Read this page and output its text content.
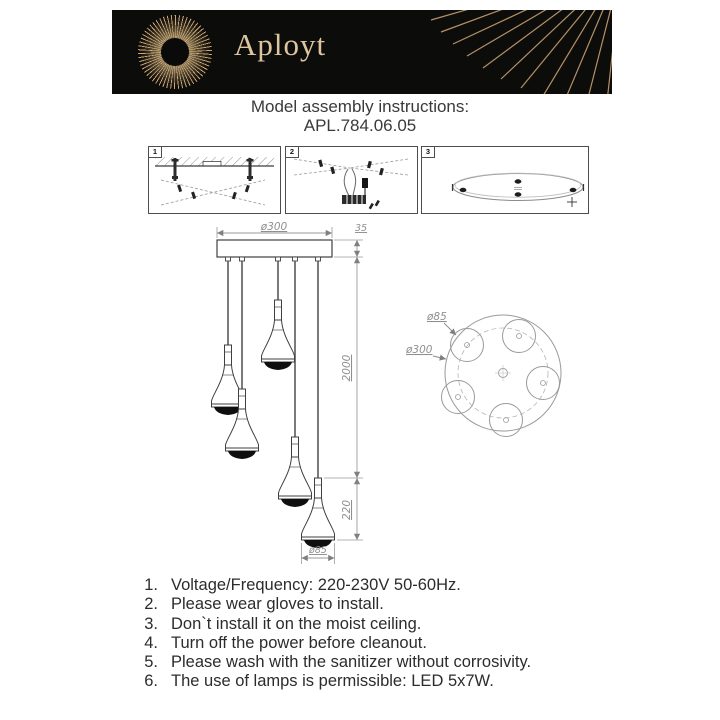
Aployt
Model assembly instructions:
APL.784.06.05
1	2	3
ø300	35
2000
220
ø85
ø85
ø300
1. Voltage/Frequency: 220-230V 50-60Hz.
2. Please wear gloves to install.
3. Don`t install it on the moist ceiling.
4. Turn off the power before cleanout.
5. Please wash with the sanitizer without corrosivity.
6. The use of lamps is permissible: LED 5x7W.
